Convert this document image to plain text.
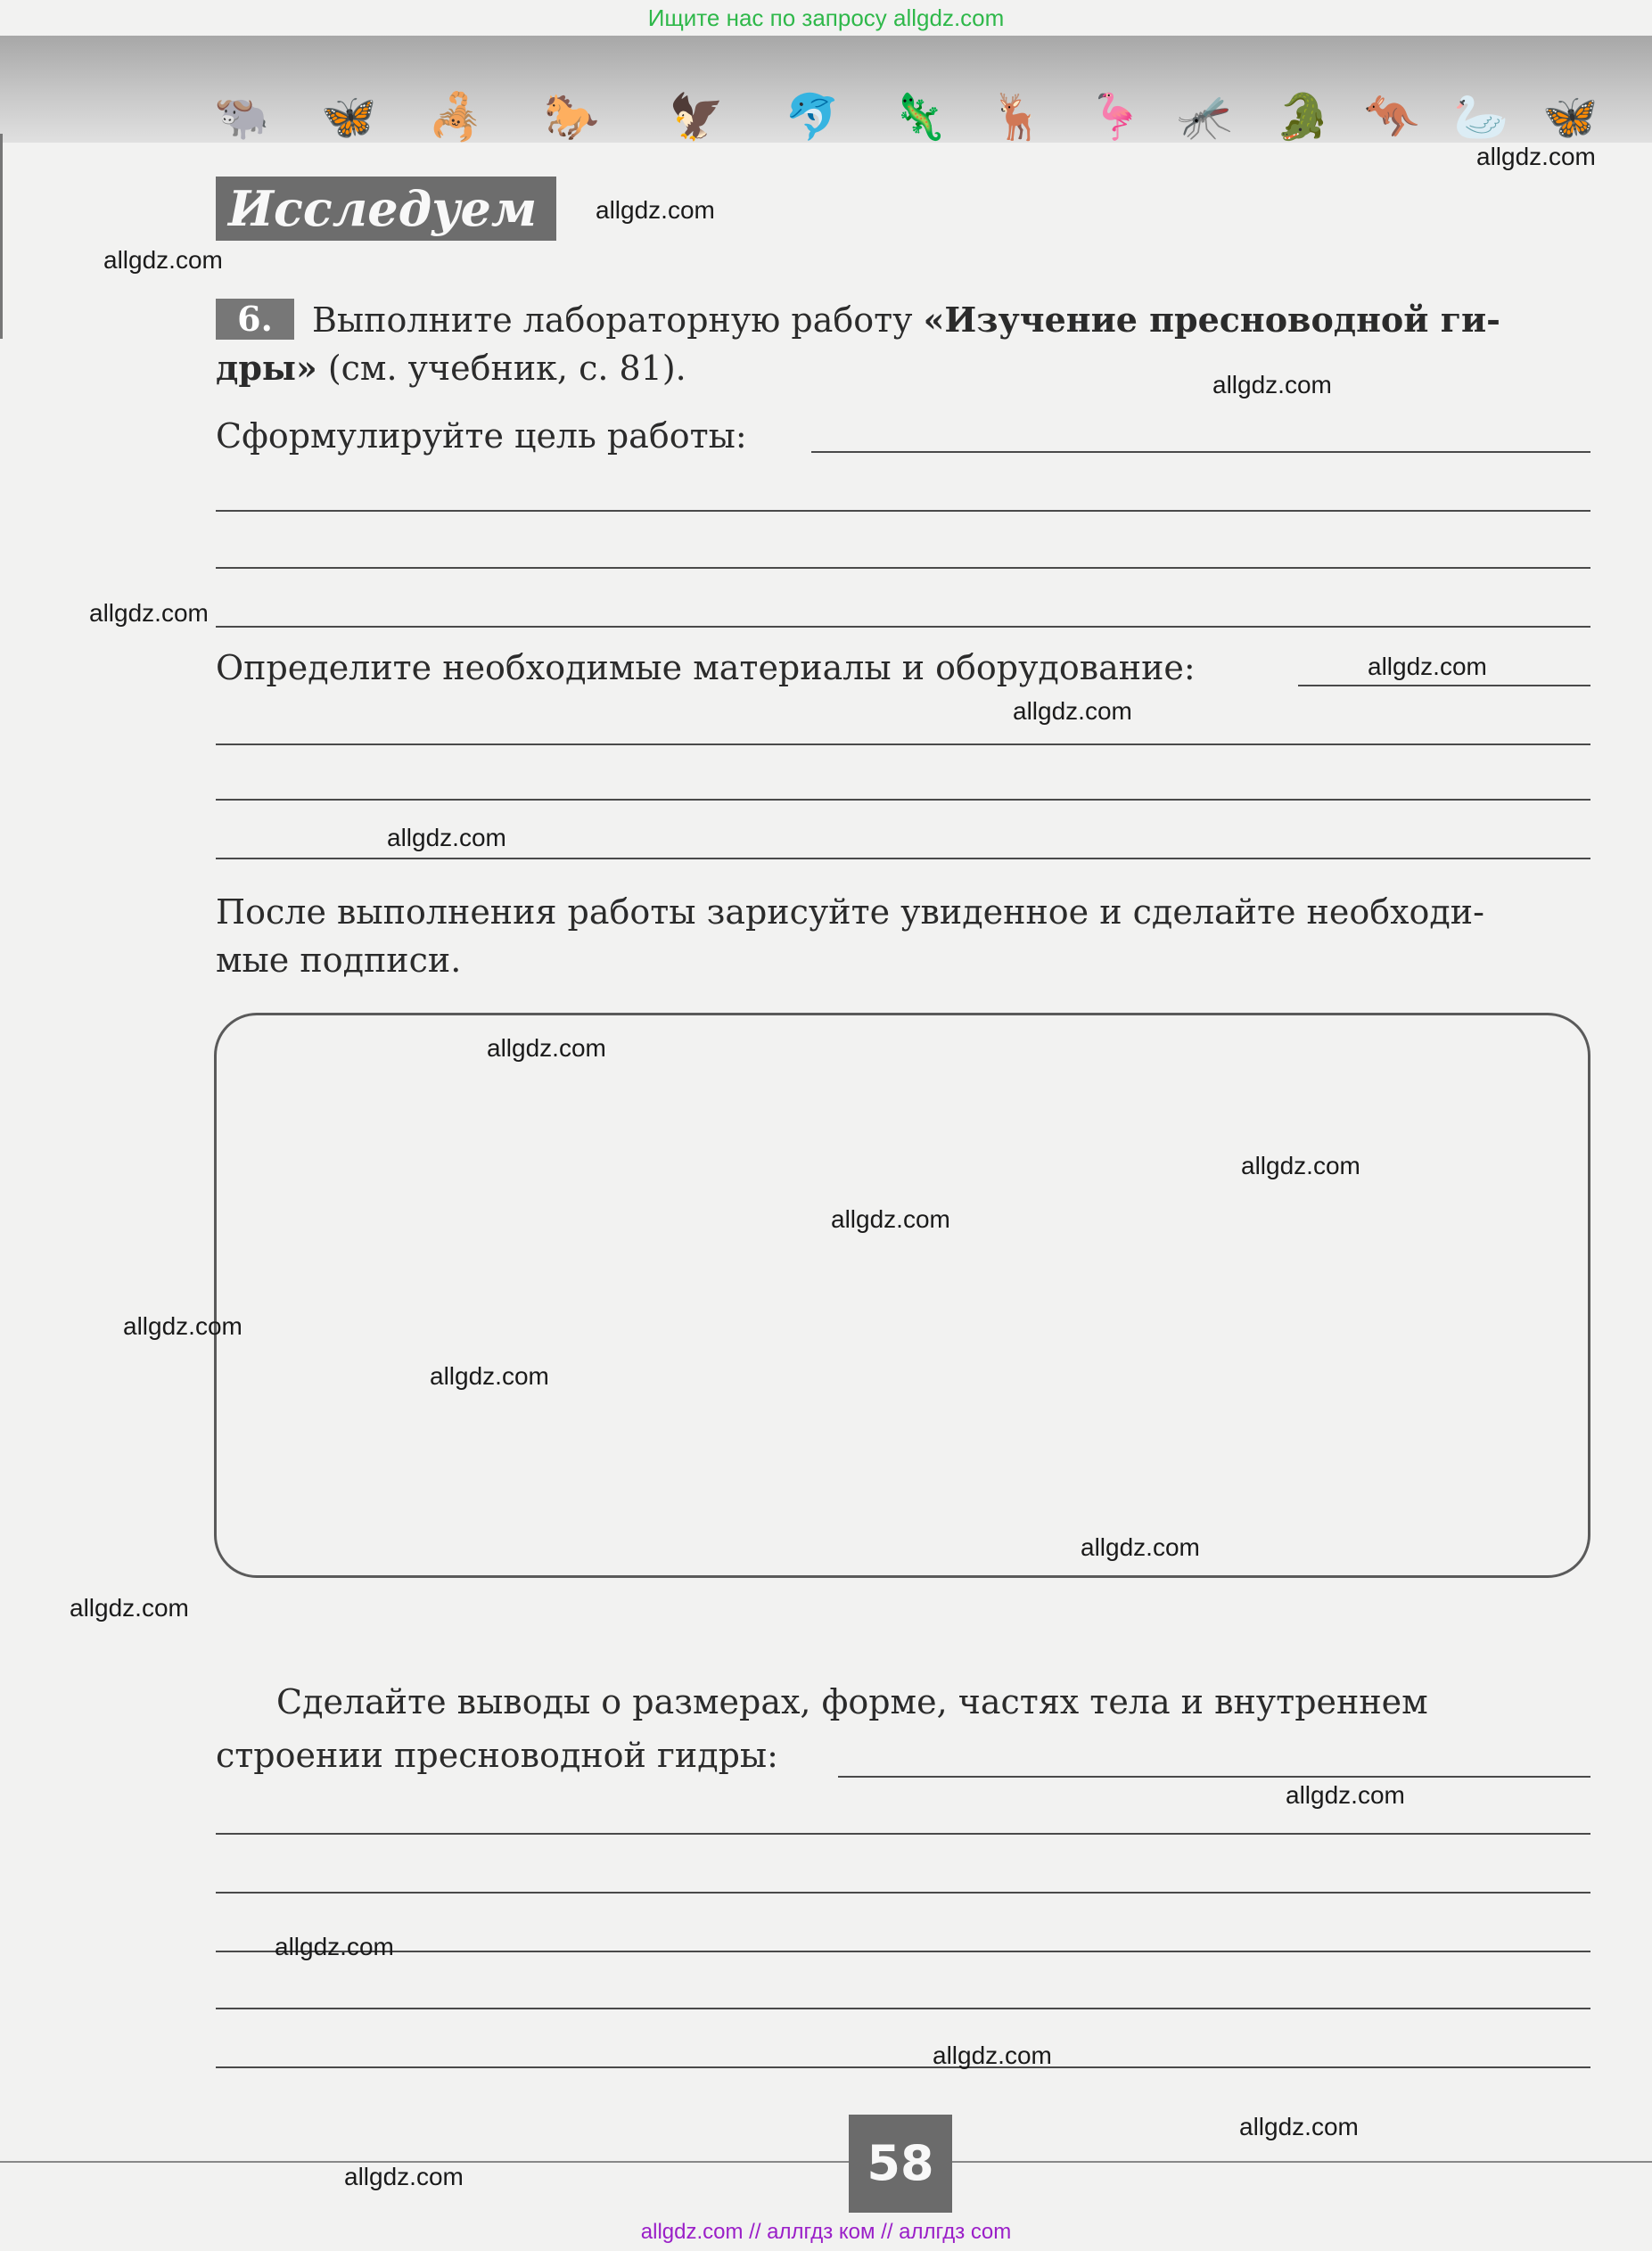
Ищите нас по запросу allgdz.com
🐃 🦋 🦂 🐎 🦅 🐬 🦎 🦌 🦩 🦟 🐊 🦘 🦢 🦋
Исследуем
6.	Выполните лабораторную работу «Изучение пресноводной ги-
дры» (см. учебник, с. 81).
Сформулируйте цель работы:
Определите необходимые материалы и оборудование:
После выполнения работы зарисуйте увиденное и сделайте необходи-
мые подписи.
Сделайте выводы о размерах, форме, частях тела и внутреннем
строении пресноводной гидры:
58
allgdz.com
allgdz.com
allgdz.com
allgdz.com
allgdz.com
allgdz.com
allgdz.com
allgdz.com
allgdz.com
allgdz.com
allgdz.com
allgdz.com
allgdz.com
allgdz.com
allgdz.com
allgdz.com
allgdz.com
allgdz.com
allgdz.com
allgdz.com
allgdz.com // аллгдз ком // аллгдз com
